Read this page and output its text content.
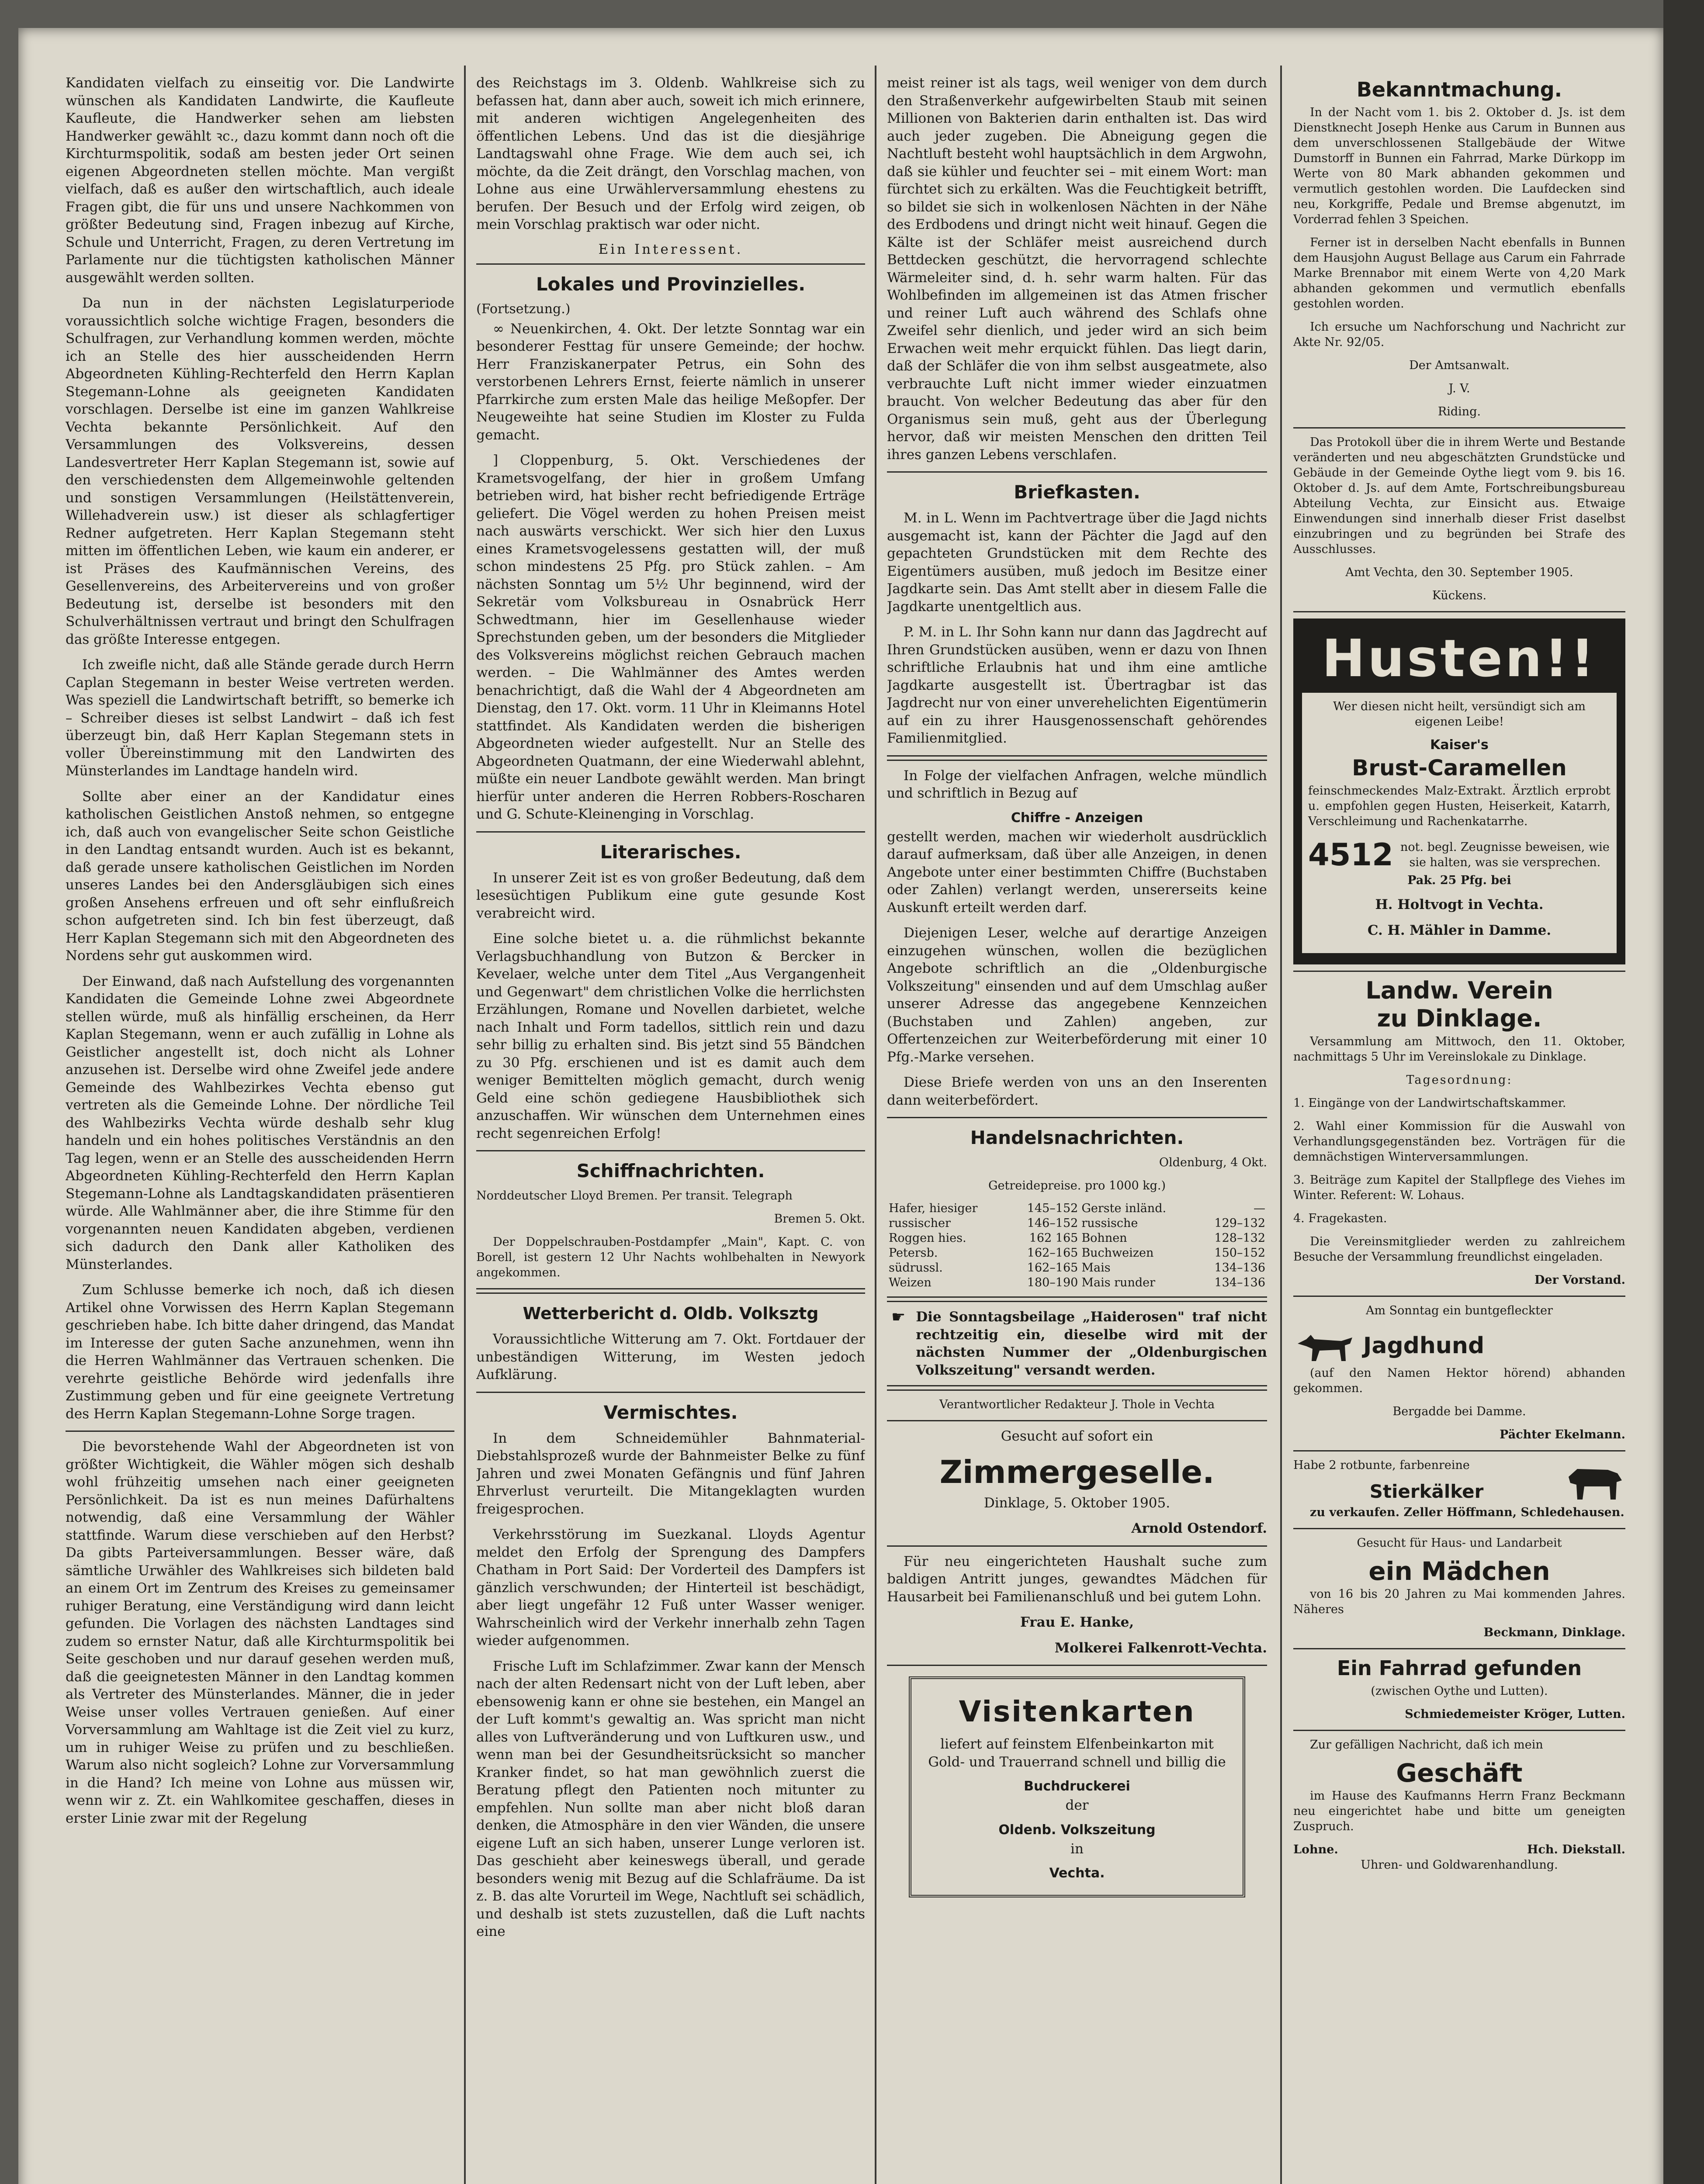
Kandidaten vielfach zu einseitig vor. Die Landwirte wünschen als Kandidaten Landwirte, die Kaufleute Kaufleute, die Handwerker sehen am liebsten Handwerker gewählt ꝛc., dazu kommt dann noch oft die Kirchturmspolitik, sodaß am besten jeder Ort seinen eigenen Abgeordneten stellen möchte. Man vergißt vielfach, daß es außer den wirtschaftlich, auch ideale Fragen gibt, die für uns und unsere Nachkommen von größter Bedeutung sind, Fragen inbezug auf Kirche, Schule und Unterricht, Fragen, zu deren Vertretung im Parlamente nur die tüchtigsten katholischen Männer ausgewählt werden sollten.

Da nun in der nächsten Legislaturperiode voraussichtlich solche wichtige Fragen, besonders die Schulfragen, zur Verhandlung kommen werden, möchte ich an Stelle des hier ausscheidenden Herrn Abgeordneten Kühling-Rechterfeld den Herrn Kaplan Stegemann-Lohne als geeigneten Kandidaten vorschlagen. Derselbe ist eine im ganzen Wahlkreise Vechta bekannte Persönlichkeit. Auf den Versammlungen des Volksvereins, dessen Landesvertreter Herr Kaplan Stegemann ist, sowie auf den verschiedensten dem Allgemeinwohle geltenden und sonstigen Versammlungen (Heilstättenverein, Willehadverein usw.) ist dieser als schlagfertiger Redner aufgetreten. Herr Kaplan Stegemann steht mitten im öffentlichen Leben, wie kaum ein anderer, er ist Präses des Kaufmännischen Vereins, des Gesellenvereins, des Arbeitervereins und von großer Bedeutung ist, derselbe ist besonders mit den Schulverhältnissen vertraut und bringt den Schulfragen das größte Interesse entgegen.

Ich zweifle nicht, daß alle Stände gerade durch Herrn Caplan Stegemann in bester Weise vertreten werden. Was speziell die Landwirtschaft betrifft, so bemerke ich – Schreiber dieses ist selbst Landwirt – daß ich fest überzeugt bin, daß Herr Kaplan Stegemann stets in voller Übereinstimmung mit den Landwirten des Münsterlandes im Landtage handeln wird.

Sollte aber einer an der Kandidatur eines katholischen Geistlichen Anstoß nehmen, so entgegne ich, daß auch von evangelischer Seite schon Geistliche in den Landtag entsandt wurden. Auch ist es bekannt, daß gerade unsere katholischen Geistlichen im Norden unseres Landes bei den Andersgläubigen sich eines großen Ansehens erfreuen und oft sehr einflußreich schon aufgetreten sind. Ich bin fest überzeugt, daß Herr Kaplan Stegemann sich mit den Abgeordneten des Nordens sehr gut auskommen wird.

Der Einwand, daß nach Aufstellung des vorgenannten Kandidaten die Gemeinde Lohne zwei Abgeordnete stellen würde, muß als hinfällig erscheinen, da Herr Kaplan Stegemann, wenn er auch zufällig in Lohne als Geistlicher angestellt ist, doch nicht als Lohner anzusehen ist. Derselbe wird ohne Zweifel jede andere Gemeinde des Wahlbezirkes Vechta ebenso gut vertreten als die Gemeinde Lohne. Der nördliche Teil des Wahlbezirks Vechta würde deshalb sehr klug handeln und ein hohes politisches Verständnis an den Tag legen, wenn er an Stelle des ausscheidenden Herrn Abgeordneten Kühling-Rechterfeld den Herrn Kaplan Stegemann-Lohne als Landtagskandidaten präsentieren würde. Alle Wahlmänner aber, die ihre Stimme für den vorgenannten neuen Kandidaten abgeben, verdienen sich dadurch den Dank aller Katholiken des Münsterlandes.

Zum Schlusse bemerke ich noch, daß ich diesen Artikel ohne Vorwissen des Herrn Kaplan Stegemann geschrieben habe. Ich bitte daher dringend, das Mandat im Interesse der guten Sache anzunehmen, wenn ihn die Herren Wahlmänner das Vertrauen schenken. Die verehrte geistliche Behörde wird jedenfalls ihre Zustimmung geben und für eine geeignete Vertretung des Herrn Kaplan Stegemann-Lohne Sorge tragen.

Die bevorstehende Wahl der Abgeordneten ist von größter Wichtigkeit, die Wähler mögen sich deshalb wohl frühzeitig umsehen nach einer geeigneten Persönlichkeit. Da ist es nun meines Dafürhaltens notwendig, daß eine Versammlung der Wähler stattfinde. Warum diese verschieben auf den Herbst? Da gibts Parteiversammlungen. Besser wäre, daß sämtliche Urwähler des Wahlkreises sich bildeten bald an einem Ort im Zentrum des Kreises zu gemeinsamer ruhiger Beratung, eine Verständigung wird dann leicht gefunden. Die Vorlagen des nächsten Landtages sind zudem so ernster Natur, daß alle Kirchturmspolitik bei Seite geschoben und nur darauf gesehen werden muß, daß die geeignetesten Männer in den Landtag kommen als Vertreter des Münsterlandes. Männer, die in jeder Weise unser volles Vertrauen genießen. Auf einer Vorversammlung am Wahltage ist die Zeit viel zu kurz, um in ruhiger Weise zu prüfen und zu beschließen. Warum also nicht sogleich? Lohne zur Vorversammlung in die Hand? Ich meine von Lohne aus müssen wir, wenn wir z. Zt. ein Wahlkomitee geschaffen, dieses in erster Linie zwar mit der Regelung

des Reichstags im 3. Oldenb. Wahlkreise sich zu befassen hat, dann aber auch, soweit ich mich erinnere, mit anderen wichtigen Angelegenheiten des öffentlichen Lebens. Und das ist die diesjährige Landtagswahl ohne Frage. Wie dem auch sei, ich möchte, da die Zeit drängt, den Vorschlag machen, von Lohne aus eine Urwählerversammlung ehestens zu berufen. Der Besuch und der Erfolg wird zeigen, ob mein Vorschlag praktisch war oder nicht.

Ein Interessent.
Lokales und Provinzielles.
(Fortsetzung.)

∞ Neuenkirchen, 4. Okt. Der letzte Sonntag war ein besonderer Festtag für unsere Gemeinde; der hochw. Herr Franziskanerpater Petrus, ein Sohn des verstorbenen Lehrers Ernst, feierte nämlich in unserer Pfarrkirche zum ersten Male das heilige Meßopfer. Der Neugeweihte hat seine Studien im Kloster zu Fulda gemacht.

] Cloppenburg, 5. Okt. Verschiedenes der Krametsvogelfang, der hier in großem Umfang betrieben wird, hat bisher recht befriedigende Erträge geliefert. Die Vögel werden zu hohen Preisen meist nach auswärts verschickt. Wer sich hier den Luxus eines Krametsvogelessens gestatten will, der muß schon mindestens 25 Pfg. pro Stück zahlen. – Am nächsten Sonntag um 5½ Uhr beginnend, wird der Sekretär vom Volksbureau in Osnabrück Herr Schwedtmann, hier im Gesellenhause wieder Sprechstunden geben, um der besonders die Mitglieder des Volksvereins möglichst reichen Gebrauch machen werden. – Die Wahlmänner des Amtes werden benachrichtigt, daß die Wahl der 4 Abgeordneten am Dienstag, den 17. Okt. vorm. 11 Uhr in Kleimanns Hotel stattfindet. Als Kandidaten werden die bisherigen Abgeordneten wieder aufgestellt. Nur an Stelle des Abgeordneten Quatmann, der eine Wiederwahl ablehnt, müßte ein neuer Landbote gewählt werden. Man bringt hierfür unter anderen die Herren Robbers-Roscharen und G. Schute-Kleinenging in Vorschlag.

Literarisches.

In unserer Zeit ist es von großer Bedeutung, daß dem lesesüchtigen Publikum eine gute gesunde Kost verabreicht wird.

Eine solche bietet u. a. die rühmlichst bekannte Verlagsbuchhandlung von Butzon & Bercker in Kevelaer, welche unter dem Titel „Aus Vergangenheit und Gegenwart" dem christlichen Volke die herrlichsten Erzählungen, Romane und Novellen darbietet, welche nach Inhalt und Form tadellos, sittlich rein und dazu sehr billig zu erhalten sind. Bis jetzt sind 55 Bändchen zu 30 Pfg. erschienen und ist es damit auch dem weniger Bemittelten möglich gemacht, durch wenig Geld eine schön gediegene Hausbibliothek sich anzuschaffen. Wir wünschen dem Unternehmen eines recht segenreichen Erfolg!

Schiffnachrichten.

Norddeutscher Lloyd Bremen. Per transit. Telegraph

Bremen 5. Okt.

Der Doppelschrauben-Postdampfer „Main", Kapt. C. von Borell, ist gestern 12 Uhr Nachts wohlbehalten in Newyork angekommen.

Wetterbericht d. Oldb. Volksztg

Voraussichtliche Witterung am 7. Okt. Fortdauer der unbeständigen Witterung, im Westen jedoch Aufklärung.

Vermischtes.

In dem Schneidemühler Bahnmaterial-Diebstahlsprozeß wurde der Bahnmeister Belke zu fünf Jahren und zwei Monaten Gefängnis und fünf Jahren Ehrverlust verurteilt. Die Mitangeklagten wurden freigesprochen.

Verkehrsstörung im Suezkanal. Lloyds Agentur meldet den Erfolg der Sprengung des Dampfers Chatham in Port Said: Der Vorderteil des Dampfers ist gänzlich verschwunden; der Hinterteil ist beschädigt, aber liegt ungefähr 12 Fuß unter Wasser weniger. Wahrscheinlich wird der Verkehr innerhalb zehn Tagen wieder aufgenommen.

Frische Luft im Schlafzimmer. Zwar kann der Mensch nach der alten Redensart nicht von der Luft leben, aber ebensowenig kann er ohne sie bestehen, ein Mangel an der Luft kommt's gewaltig an. Was spricht man nicht alles von Luftveränderung und von Luftkuren usw., und wenn man bei der Gesundheitsrücksicht so mancher Kranker findet, so hat man gewöhnlich zuerst die Beratung pflegt den Patienten noch mitunter zu empfehlen. Nun sollte man aber nicht bloß daran denken, die Atmosphäre in den vier Wänden, die unsere eigene Luft an sich haben, unserer Lunge verloren ist. Das geschieht aber keineswegs überall, und gerade besonders wenig mit Bezug auf die Schlafräume. Da ist z. B. das alte Vorurteil im Wege, Nachtluft sei schädlich, und deshalb ist stets zuzustellen, daß die Luft nachts eine

meist reiner ist als tags, weil weniger von dem durch den Straßenverkehr aufgewirbelten Staub mit seinen Millionen von Bakterien darin enthalten ist. Das wird auch jeder zugeben. Die Abneigung gegen die Nachtluft besteht wohl hauptsächlich in dem Argwohn, daß sie kühler und feuchter sei – mit einem Wort: man fürchtet sich zu erkälten. Was die Feuchtigkeit betrifft, so bildet sie sich in wolkenlosen Nächten in der Nähe des Erdbodens und dringt nicht weit hinauf. Gegen die Kälte ist der Schläfer meist ausreichend durch Bettdecken geschützt, die hervorragend schlechte Wärmeleiter sind, d. h. sehr warm halten. Für das Wohlbefinden im allgemeinen ist das Atmen frischer und reiner Luft auch während des Schlafs ohne Zweifel sehr dienlich, und jeder wird an sich beim Erwachen weit mehr erquickt fühlen. Das liegt darin, daß der Schläfer die von ihm selbst ausgeatmete, also verbrauchte Luft nicht immer wieder einzuatmen braucht. Von welcher Bedeutung das aber für den Organismus sein muß, geht aus der Überlegung hervor, daß wir meisten Menschen den dritten Teil ihres ganzen Lebens verschlafen.

Briefkasten.

M. in L. Wenn im Pachtvertrage über die Jagd nichts ausgemacht ist, kann der Pächter die Jagd auf den gepachteten Grundstücken mit dem Rechte des Eigentümers ausüben, muß jedoch im Besitze einer Jagdkarte sein. Das Amt stellt aber in diesem Falle die Jagdkarte unentgeltlich aus.

P. M. in L. Ihr Sohn kann nur dann das Jagdrecht auf Ihren Grundstücken ausüben, wenn er dazu von Ihnen schriftliche Erlaubnis hat und ihm eine amtliche Jagdkarte ausgestellt ist. Übertragbar ist das Jagdrecht nur von einer unverehelichten Eigentümerin auf ein zu ihrer Hausgenossenschaft gehörendes Familienmitglied.

In Folge der vielfachen Anfragen, welche mündlich und schriftlich in Bezug auf

Chiffre - Anzeigen

gestellt werden, machen wir wiederholt ausdrücklich darauf aufmerksam, daß über alle Anzeigen, in denen Angebote unter einer bestimmten Chiffre (Buchstaben oder Zahlen) verlangt werden, unsererseits keine Auskunft erteilt werden darf.

Diejenigen Leser, welche auf derartige Anzeigen einzugehen wünschen, wollen die bezüglichen Angebote schriftlich an die „Oldenburgische Volkszeitung" einsenden und auf dem Umschlag außer unserer Adresse das angegebene Kennzeichen (Buchstaben und Zahlen) angeben, zur Offertenzeichen zur Weiterbeförderung mit einer 10 Pfg.-Marke versehen.

Diese Briefe werden von uns an den Inserenten dann weiterbefördert.

Handelsnachrichten.

Oldenburg, 4 Okt.

Getreidepreise. pro 1000 kg.)

Hafer, hiesiger	145–152	Gerste inländ.	—
russischer	146–152	russische	129–132
Roggen hies.	162 165	Bohnen	128–132
Petersb.	162–165	Buchweizen	150–152
südrussl.	162–165	Mais	134–136
Weizen	180–190	Mais runder	134–136
☛ Die Sonntagsbeilage „Haiderosen" traf nicht rechtzeitig ein, dieselbe wird mit der nächsten Nummer der „Oldenburgischen Volkszeitung" versandt werden.

Verantwortlicher Redakteur J. Thole in Vechta

Gesucht auf sofort ein

Zimmergeselle.

Dinklage, 5. Oktober 1905.

Arnold Ostendorf.

Für neu eingerichteten Haushalt suche zum baldigen Antritt junges, gewandtes Mädchen für Hausarbeit bei Familienanschluß und bei gutem Lohn.

Frau E. Hanke,

Molkerei Falkenrott-Vechta.

Visitenkarten

liefert auf feinstem Elfenbeinkarton mit Gold- und Trauerrand schnell und billig die

Buchdruckerei

der

Oldenb. Volkszeitung

in

Vechta.
Bekanntmachung.

In der Nacht vom 1. bis 2. Oktober d. Js. ist dem Dienstknecht Joseph Henke aus Carum in Bunnen aus dem unverschlossenen Stallgebäude der Witwe Dumstorff in Bunnen ein Fahrrad, Marke Dürkopp im Werte von 80 Mark abhanden gekommen und vermutlich gestohlen worden. Die Laufdecken sind neu, Korkgriffe, Pedale und Bremse abgenutzt, im Vorderrad fehlen 3 Speichen.

Ferner ist in derselben Nacht ebenfalls in Bunnen dem Hausjohn August Bellage aus Carum ein Fahrrade Marke Brennabor mit einem Werte von 4,20 Mark abhanden gekommen und vermutlich ebenfalls gestohlen worden.

Ich ersuche um Nachforschung und Nachricht zur Akte Nr. 92/05.

Der Amtsanwalt.

J. V.

Riding.

Das Protokoll über die in ihrem Werte und Bestande veränderten und neu abgeschätzten Grundstücke und Gebäude in der Gemeinde Oythe liegt vom 9. bis 16. Oktober d. Js. auf dem Amte, Fortschreibungsbureau Abteilung Vechta, zur Einsicht aus. Etwaige Einwendungen sind innerhalb dieser Frist daselbst einzubringen und zu begründen bei Strafe des Ausschlusses.

Amt Vechta, den 30. September 1905.

Kückens.

Husten!!

Wer diesen nicht heilt, versündigt sich am eigenen Leibe!

Kaiser's
Brust-Caramellen

feinschmeckendes Malz-Extrakt. Ärztlich erprobt u. empfohlen gegen Husten, Heiserkeit, Katarrh, Verschleimung und Rachenkatarrhe.

4512 not. begl. Zeugnisse beweisen, wie sie halten, was sie versprechen.

Pak. 25 Pfg. bei

H. Holtvogt in Vechta.

C. H. Mähler in Damme.

Landw. Verein
zu Dinklage.

Versammlung am Mittwoch, den 11. Oktober, nachmittags 5 Uhr im Vereinslokale zu Dinklage.

Tagesordnung:

1. Eingänge von der Landwirtschaftskammer.

2. Wahl einer Kommission für die Auswahl von Verhandlungsgegenständen bez. Vorträgen für die demnächstigen Winterversammlungen.

3. Beiträge zum Kapitel der Stallpflege des Viehes im Winter. Referent: W. Lohaus.

4. Fragekasten.

Die Vereinsmitglieder werden zu zahlreichem Besuche der Versammlung freundlichst eingeladen.

Der Vorstand.

Am Sonntag ein buntgefleckter

Jagdhund

(auf den Namen Hektor hörend) abhanden gekommen.

Bergadde bei Damme.

Pächter Ekelmann.

Habe 2 rotbunte, farbenreine

Stierkälker

zu verkaufen. Zeller Höffmann, Schledehausen.

Gesucht für Haus- und Landarbeit

ein Mädchen

von 16 bis 20 Jahren zu Mai kommenden Jahres. Näheres

Beckmann, Dinklage.

Ein Fahrrad gefunden

(zwischen Oythe und Lutten).

Schmiedemeister Kröger, Lutten.

Zur gefälligen Nachricht, daß ich mein

Geschäft

im Hause des Kaufmanns Herrn Franz Beckmann neu eingerichtet habe und bitte um geneigten Zuspruch.

Lohne.	Hch. Diekstall.

Uhren- und Goldwarenhandlung.
